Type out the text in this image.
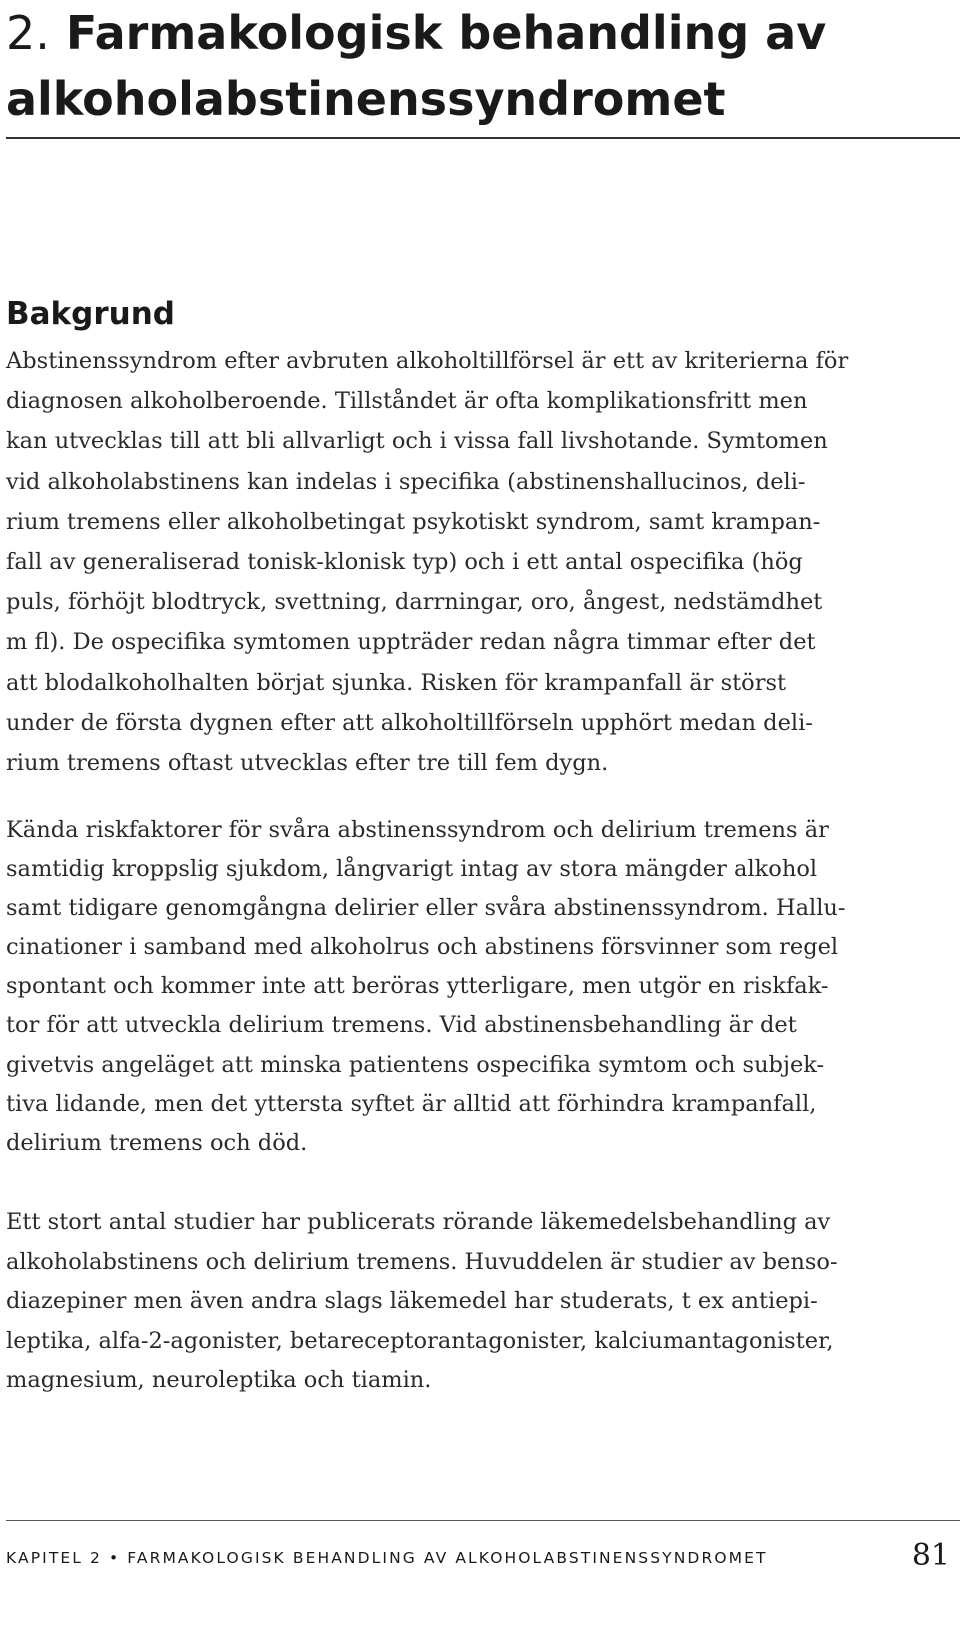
2. Farmakologisk behandling av
alkoholabstinenssyndromet
Bakgrund

Abstinenssyndrom efter avbruten alkoholtillförsel är ett av kriterierna för
diagnosen alkoholberoende. Tillståndet är ofta komplikationsfritt men
kan utvecklas till att bli allvarligt och i vissa fall livshotande. Symtomen
vid alkoholabstinens kan indelas i specifika (abstinenshallucinos, deli-
rium tremens eller alkoholbetingat psykotiskt syndrom, samt krampan-
fall av generaliserad tonisk-klonisk typ) och i ett antal ospecifika (hög
puls, förhöjt blodtryck, svettning, darrningar, oro, ångest, nedstämdhet
m fl). De ospecifika symtomen uppträder redan några timmar efter det
att blodalkoholhalten börjat sjunka. Risken för krampanfall är störst
under de första dygnen efter att alkoholtillförseln upphört medan deli-
rium tremens oftast utvecklas efter tre till fem dygn.

Kända riskfaktorer för svåra abstinenssyndrom och delirium tremens är
samtidig kroppslig sjukdom, långvarigt intag av stora mängder alkohol
samt tidigare genomgångna delirier eller svåra abstinenssyndrom. Hallu-
cinationer i samband med alkoholrus och abstinens försvinner som regel
spontant och kommer inte att beröras ytterligare, men utgör en riskfak-
tor för att utveckla delirium tremens. Vid abstinensbehandling är det
givetvis angeläget att minska patientens ospecifika symtom och subjek-
tiva lidande, men det yttersta syftet är alltid att förhindra krampanfall,
delirium tremens och död.

Ett stort antal studier har publicerats rörande läkemedelsbehandling av
alkoholabstinens och delirium tremens. Huvuddelen är studier av benso-
diazepiner men även andra slags läkemedel har studerats, t ex antiepi-
leptika, alfa-2-agonister, betareceptorantagonister, kalciumantagonister,
magnesium, neuroleptika och tiamin.

KAPITEL 2 • FARMAKOLOGISK BEHANDLING AV ALKOHOLABSTINENSSYNDROMET	81
